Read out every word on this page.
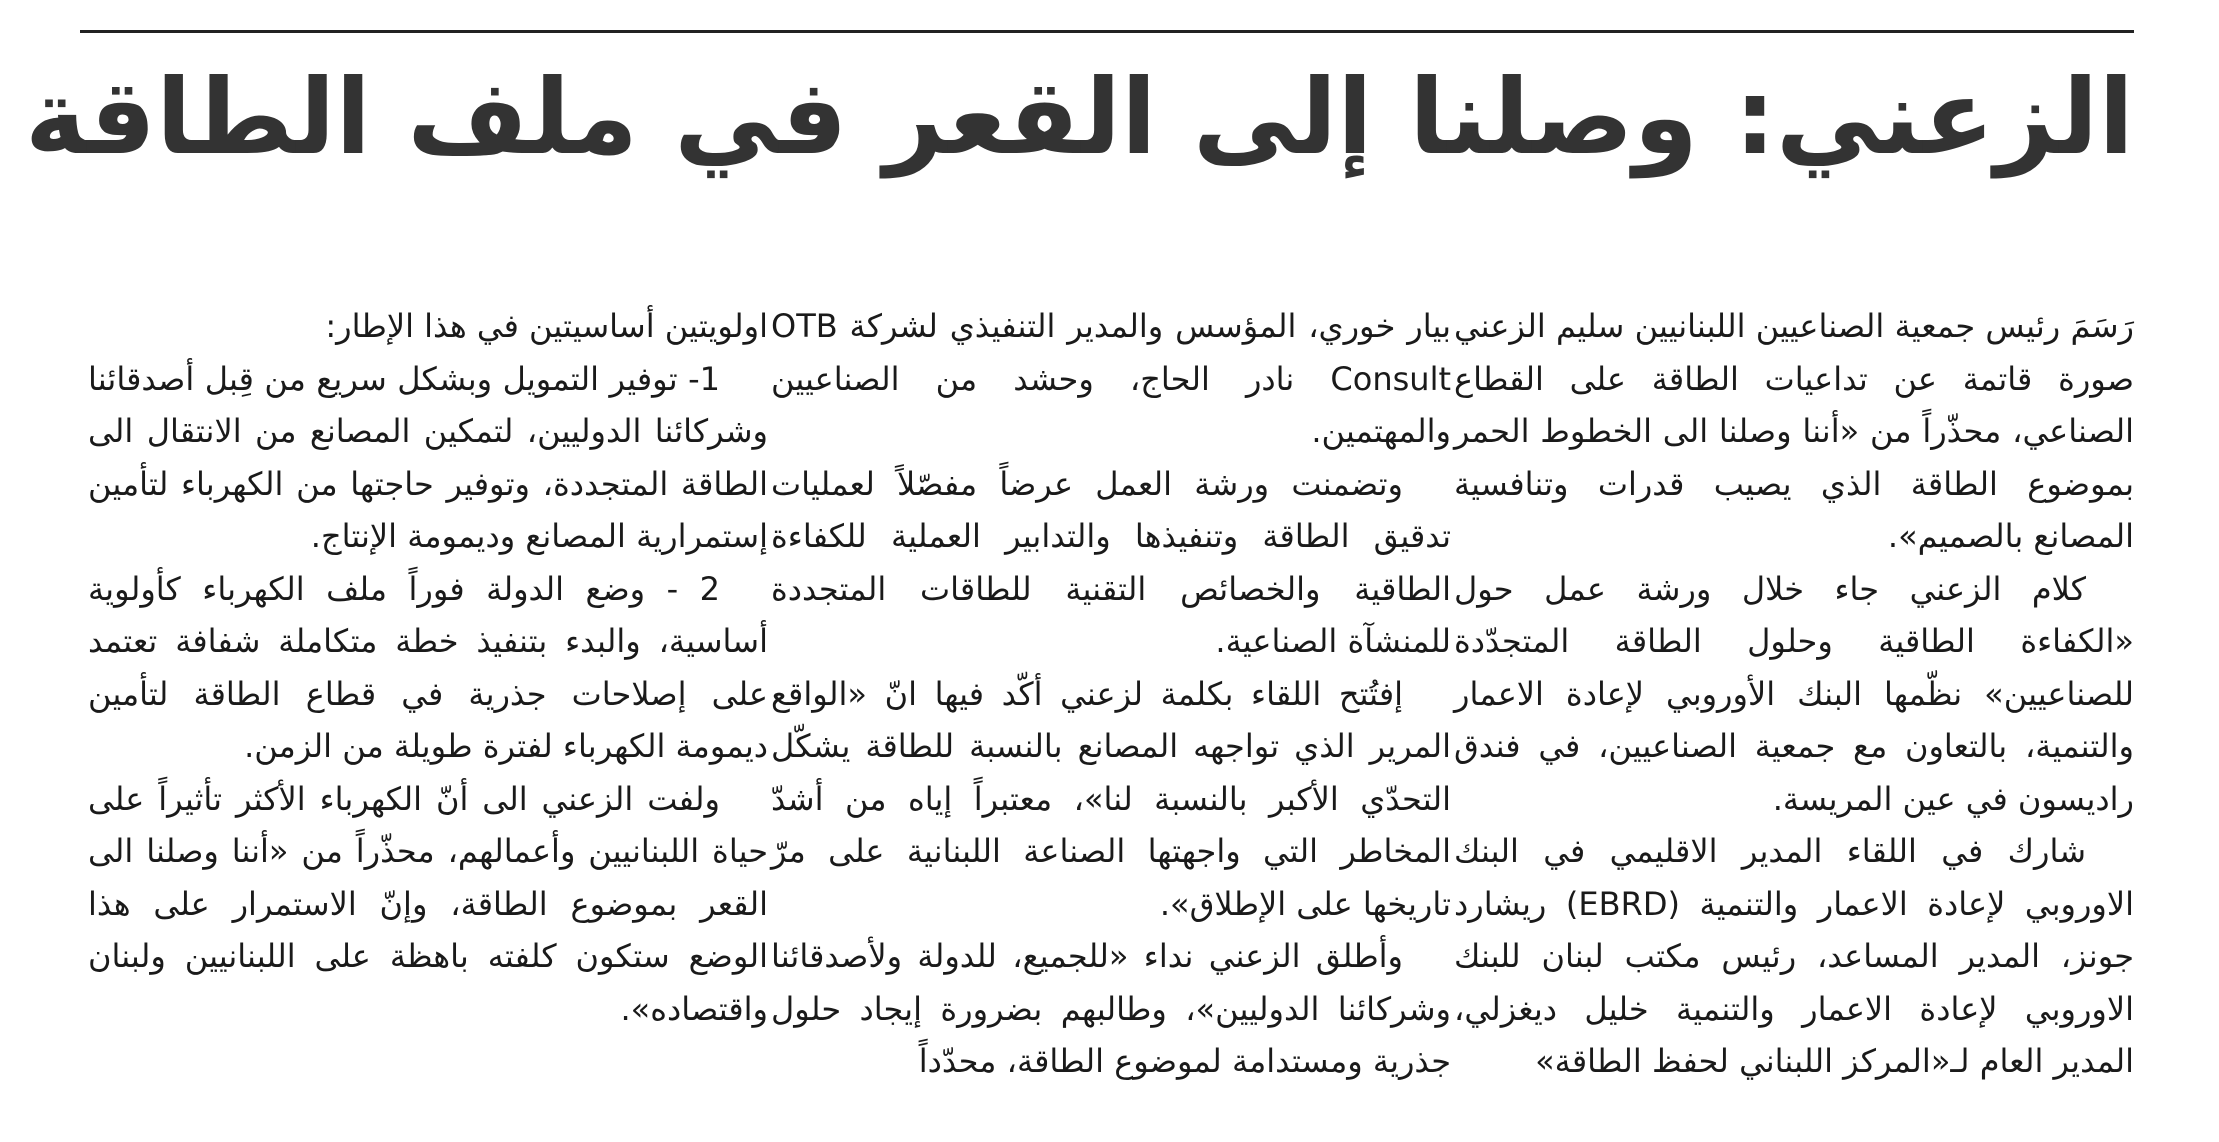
الزعني: وصلنا إلى القعر في ملف الطاقة

رَسَمَ رئيس جمعية الصناعيين اللبنانيين سليم الزعني صورة قاتمة عن تداعيات الطاقة على القطاع الصناعي، محذّراً من «أننا وصلنا الى الخطوط الحمر بموضوع الطاقة الذي يصيب قدرات وتنافسية المصانع بالصميم».

كلام الزعني جاء خلال ورشة عمل حول «الكفاءة الطاقية وحلول الطاقة المتجدّدة للصناعيين» نظّمها البنك الأوروبي لإعادة الاعمار والتنمية، بالتعاون مع جمعية الصناعيين، في فندق راديسون في عين المريسة.

شارك في اللقاء المدير الاقليمي في البنك الاوروبي لإعادة الاعمار والتنمية (EBRD) ريشارد جونز، المدير المساعد، رئيس مكتب لبنان للبنك الاوروبي لإعادة الاعمار والتنمية خليل ديغزلي، المدير العام لـ«المركز اللبناني لحفظ الطاقة»

بيار خوري، المؤسس والمدير التنفيذي لشركة OTB Consult نادر الحاج، وحشد من الصناعيين والمهتمين.

وتضمنت ورشة العمل عرضاً مفصّلاً لعمليات تدقيق الطاقة وتنفيذها والتدابير العملية للكفاءة الطاقية والخصائص التقنية للطاقات المتجددة للمنشآة الصناعية.

إفتُتح اللقاء بكلمة لزعني أكّد فيها انّ «الواقع المرير الذي تواجهه المصانع بالنسبة للطاقة يشكّل التحدّي الأكبر بالنسبة لنا»، معتبراً إياه من أشدّ المخاطر التي واجهتها الصناعة اللبنانية على مرّ تاريخها على الإطلاق».

وأطلق الزعني نداء «للجميع، للدولة ولأصدقائنا وشركائنا الدوليين»، وطالبهم بضرورة إيجاد حلول جذرية ومستدامة لموضوع الطاقة، محدّداً

اولويتين أساسيتين في هذا الإطار:

1- توفير التمويل وبشكل سريع من قِبل أصدقائنا وشركائنا الدوليين، لتمكين المصانع من الانتقال الى الطاقة المتجددة، وتوفير حاجتها من الكهرباء لتأمين إستمرارية المصانع وديمومة الإنتاج.

2 - وضع الدولة فوراً ملف الكهرباء كأولوية أساسية، والبدء بتنفيذ خطة متكاملة شفافة تعتمد على إصلاحات جذرية في قطاع الطاقة لتأمين ديمومة الكهرباء لفترة طويلة من الزمن.

ولفت الزعني الى أنّ الكهرباء الأكثر تأثيراً على حياة اللبنانيين وأعمالهم، محذّراً من «أننا وصلنا الى القعر بموضوع الطاقة، وإنّ الاستمرار على هذا الوضع ستكون كلفته باهظة على اللبنانيين ولبنان واقتصاده».
